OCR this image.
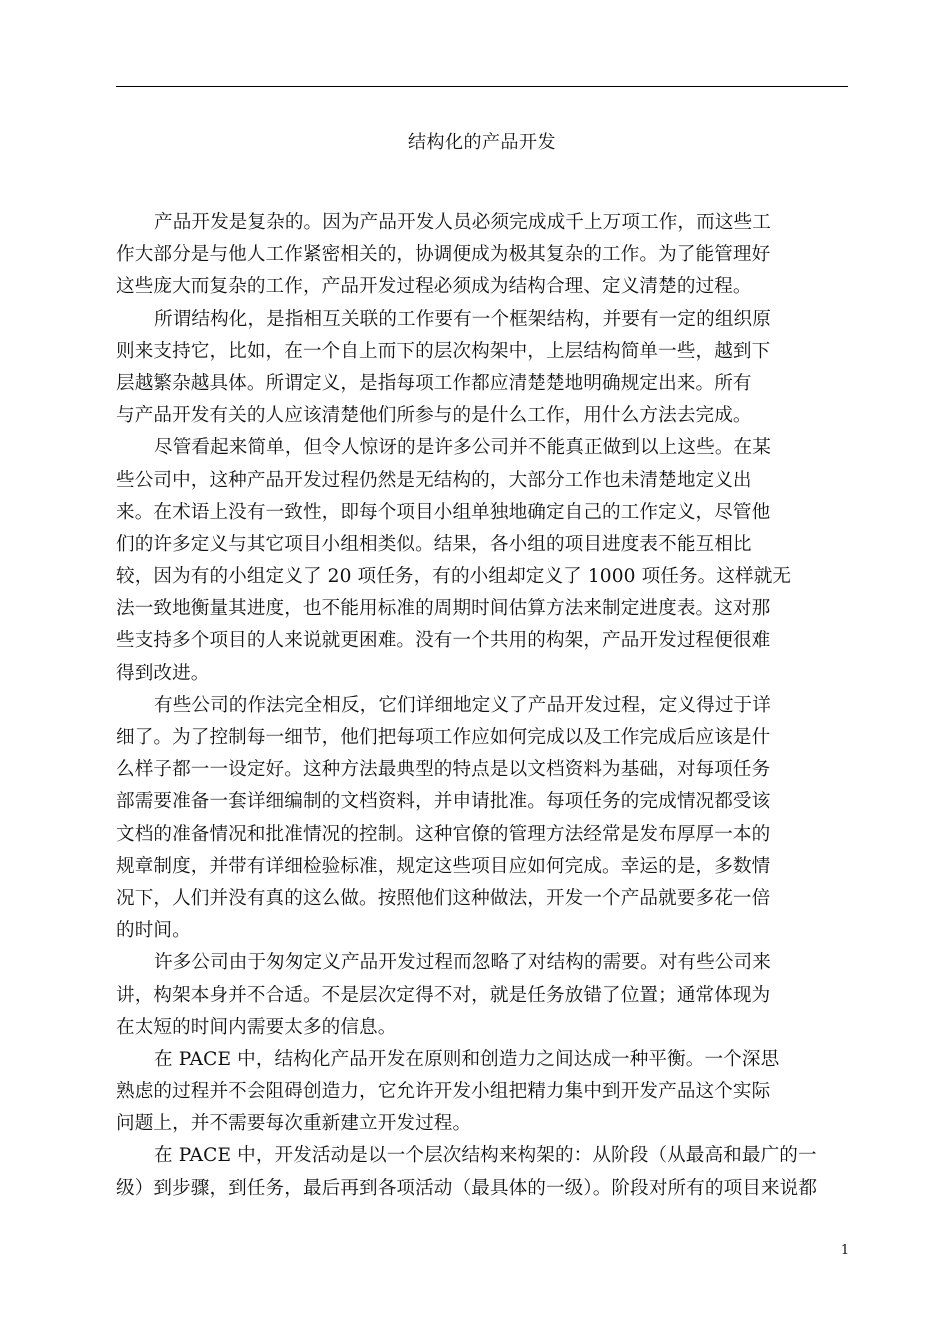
结构化的产品开发
产品开发是复杂的。因为产品开发人员必须完成成千上万项工作，而这些工
作大部分是与他人工作紧密相关的，协调便成为极其复杂的工作。为了能管理好
这些庞大而复杂的工作，产品开发过程必须成为结构合理、定义清楚的过程。
所谓结构化，是指相互关联的工作要有一个框架结构，并要有一定的组织原
则来支持它，比如，在一个自上而下的层次构架中，上层结构简单一些，越到下
层越繁杂越具体。所谓定义，是指每项工作都应清楚楚地明确规定出来。所有
与产品开发有关的人应该清楚他们所参与的是什么工作，用什么方法去完成。
尽管看起来简单，但令人惊讶的是许多公司并不能真正做到以上这些。在某
些公司中，这种产品开发过程仍然是无结构的，大部分工作也未清楚地定义出
来。在术语上没有一致性，即每个项目小组单独地确定自己的工作定义，尽管他
们的许多定义与其它项目小组相类似。结果，各小组的项目进度表不能互相比
较，因为有的小组定义了 20 项任务，有的小组却定义了 1000 项任务。这样就无
法一致地衡量其进度，也不能用标准的周期时间估算方法来制定进度表。这对那
些支持多个项目的人来说就更困难。没有一个共用的构架，产品开发过程便很难
得到改进。
有些公司的作法完全相反，它们详细地定义了产品开发过程，定义得过于详
细了。为了控制每一细节，他们把每项工作应如何完成以及工作完成后应该是什
么样子都一一设定好。这种方法最典型的特点是以文档资料为基础，对每项任务
部需要准备一套详细编制的文档资料，并申请批准。每项任务的完成情况都受该
文档的准备情况和批准情况的控制。这种官僚的管理方法经常是发布厚厚一本的
规章制度，并带有详细检验标准，规定这些项目应如何完成。幸运的是，多数情
况下，人们并没有真的这么做。按照他们这种做法，开发一个产品就要多花一倍
的时间。
许多公司由于匆匆定义产品开发过程而忽略了对结构的需要。对有些公司来
讲，构架本身并不合适。不是层次定得不对，就是任务放错了位置；通常体现为
在太短的时间内需要太多的信息。
在 PACE 中，结构化产品开发在原则和创造力之间达成一种平衡。一个深思
熟虑的过程并不会阻碍创造力，它允许开发小组把精力集中到开发产品这个实际
问题上，并不需要每次重新建立开发过程。
在 PACE 中，开发活动是以一个层次结构来构架的：从阶段（从最高和最广的一
级）到步骤，到任务，最后再到各项活动（最具体的一级）。阶段对所有的项目来说都
1
